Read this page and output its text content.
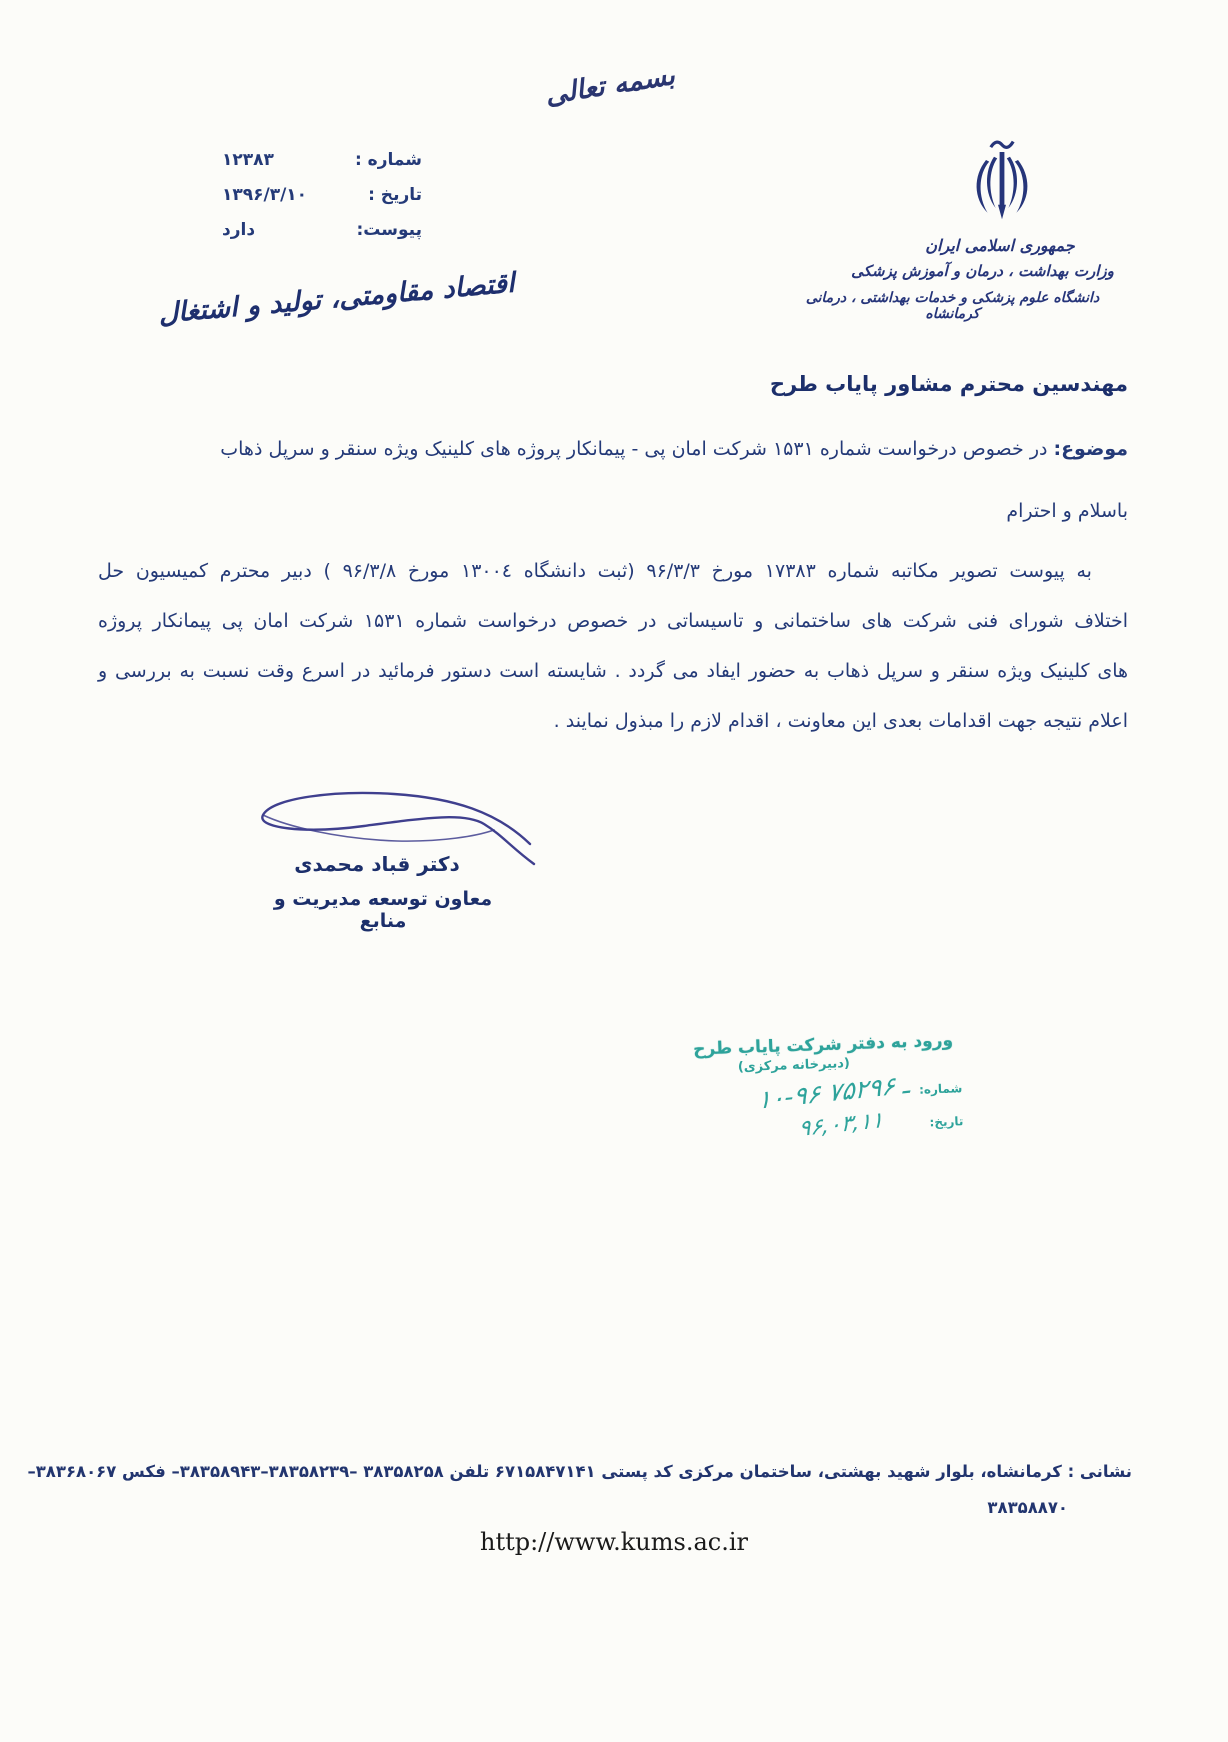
بسمه تعالی
جمهوری اسلامی ایران
وزارت بهداشت ، درمان و آموزش پزشکی
دانشگاه علوم پزشکی و خدمات بهداشتی ، درمانی کرمانشاه
شماره :
۱۲۳۸۳
تاریخ :
۱۳۹۶/۳/۱۰
پیوست:
دارد
اقتصاد مقاومتی، تولید و اشتغال
مهندسین محترم مشاور پایاب طرح
موضوع:در خصوص درخواست شماره ۱۵۳۱ شرکت امان پی - پیمانکار پروژه های کلینیک ویژه سنقر و سرپل ذهاب
باسلام و احترام
به پیوست تصویر مکاتبه شماره ۱۷۳۸۳ مورخ ۹۶/۳/۳ (ثبت دانشگاه ۱۳۰۰٤ مورخ ۹۶/۳/۸ ) دبیر محترم کمیسیون حل
اختلاف شورای فنی شرکت های ساختمانی و تاسیساتی در خصوص درخواست شماره ۱۵۳۱ شرکت امان پی پیمانکار پروژه
های کلینیک ویژه سنقر و سرپل ذهاب به حضور ایفاد می گردد . شایسته است دستور فرمائید در اسرع وقت نسبت به بررسی و
اعلام نتیجه جهت اقدامات بعدی این معاونت ، اقدام لازم را مبذول نمایند .
دکتر قباد محمدی
معاون توسعه مدیریت و منابع
ورود به دفتر شرکت پایاب طرح
(دبیرخانه مرکزی)
شماره:
۱۰-۹۶ ـ ۷۵۲۹۶
تاریخ:
۹۶,۰۳,۱۱
نشانی : کرمانشاه، بلوار شهید بهشتی، ساختمان مرکزی کد پستی ۶۷۱۵۸۴۷۱۴۱ تلفن ۳۸۳۵۸۲۵۸ –۳۸۳۵۸۲۳۹–۳۸۳۵۸۹۴۳– فکس ۳۸۳۶۸۰۶۷–
۳۸۳۵۸۸۷۰
http://www.kums.ac.ir
